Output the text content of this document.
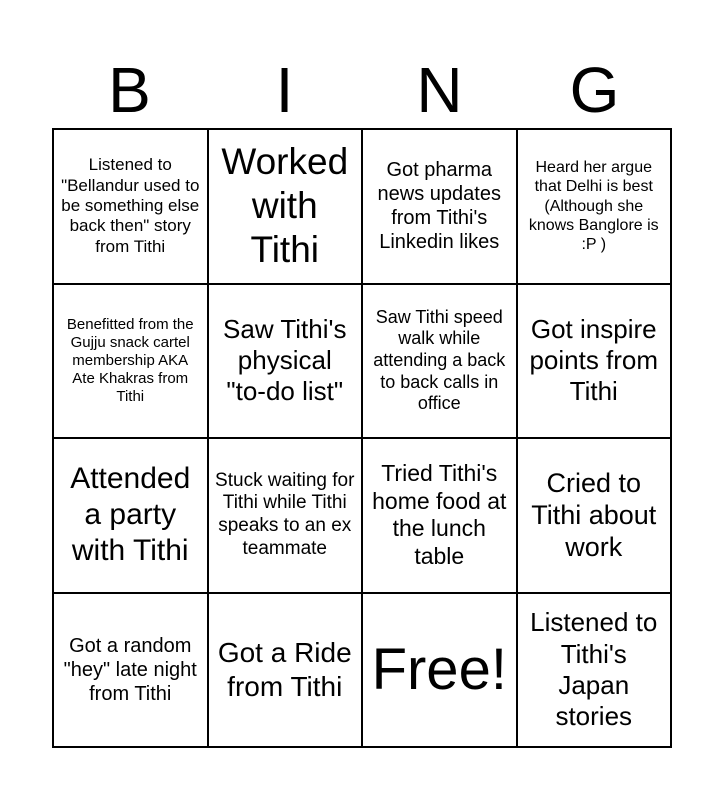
B	I	N	G
Listened to "Bellandur used to be something else back then" story from Tithi
Worked with Tithi
Got pharma news updates from Tithi's Linkedin likes
Heard her argue that Delhi is best (Although she knows Banglore is :P )
Benefitted from the Gujju snack cartel membership AKA Ate Khakras from Tithi
Saw Tithi's physical "to-do list"
Saw Tithi speed walk while attending a back to back calls in office
Got inspire points from Tithi
Attended a party with Tithi
Stuck waiting for Tithi while Tithi speaks to an ex teammate
Tried Tithi's home food at the lunch table
Cried to Tithi about work
Got a random "hey" late night from Tithi
Got a Ride from Tithi Free!
Listened to Tithi's Japan stories
